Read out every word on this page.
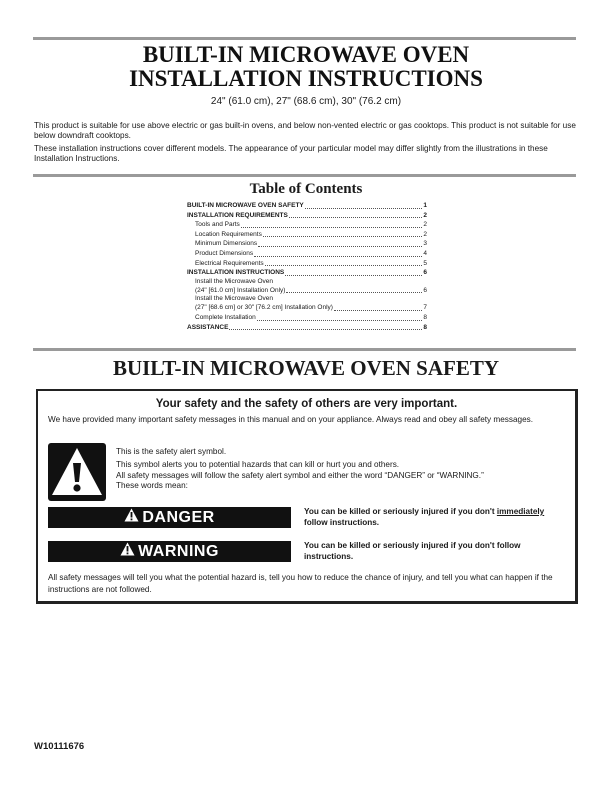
BUILT-IN MICROWAVE OVEN
INSTALLATION INSTRUCTIONS
24" (61.0 cm), 27" (68.6 cm), 30" (76.2 cm)

This product is suitable for use above electric or gas built-in ovens, and below non-vented electric or gas cooktops. This product is not suitable for use below downdraft cooktops.

These installation instructions cover different models. The appearance of your particular model may differ slightly from the illustrations in these Installation Instructions.

Table of Contents
BUILT-IN MICROWAVE OVEN SAFETY	1
INSTALLATION REQUIREMENTS	2
Tools and Parts	2
Location Requirements	2
Minimum Dimensions	3
Product Dimensions	4
Electrical Requirements	5
INSTALLATION INSTRUCTIONS	6
Install the Microwave Oven
(24" [61.0 cm] Installation Only)	6
Install the Microwave Oven
(27" [68.6 cm] or 30" [76.2 cm] Installation Only)	7
Complete Installation	8
ASSISTANCE	8
BUILT-IN MICROWAVE OVEN SAFETY
Your safety and the safety of others are very important.
We have provided many important safety messages in this manual and on your appliance. Always read and obey all safety messages.
This is the safety alert symbol.
This symbol alerts you to potential hazards that can kill or hurt you and others.
All safety messages will follow the safety alert symbol and either the word “DANGER” or “WARNING.”
These words mean:
DANGER	You can be killed or seriously injured if you don't immediately follow instructions.
WARNING	You can be killed or seriously injured if you don't follow instructions.
All safety messages will tell you what the potential hazard is, tell you how to reduce the chance of injury, and tell you what can happen if the instructions are not followed.
W10111676
